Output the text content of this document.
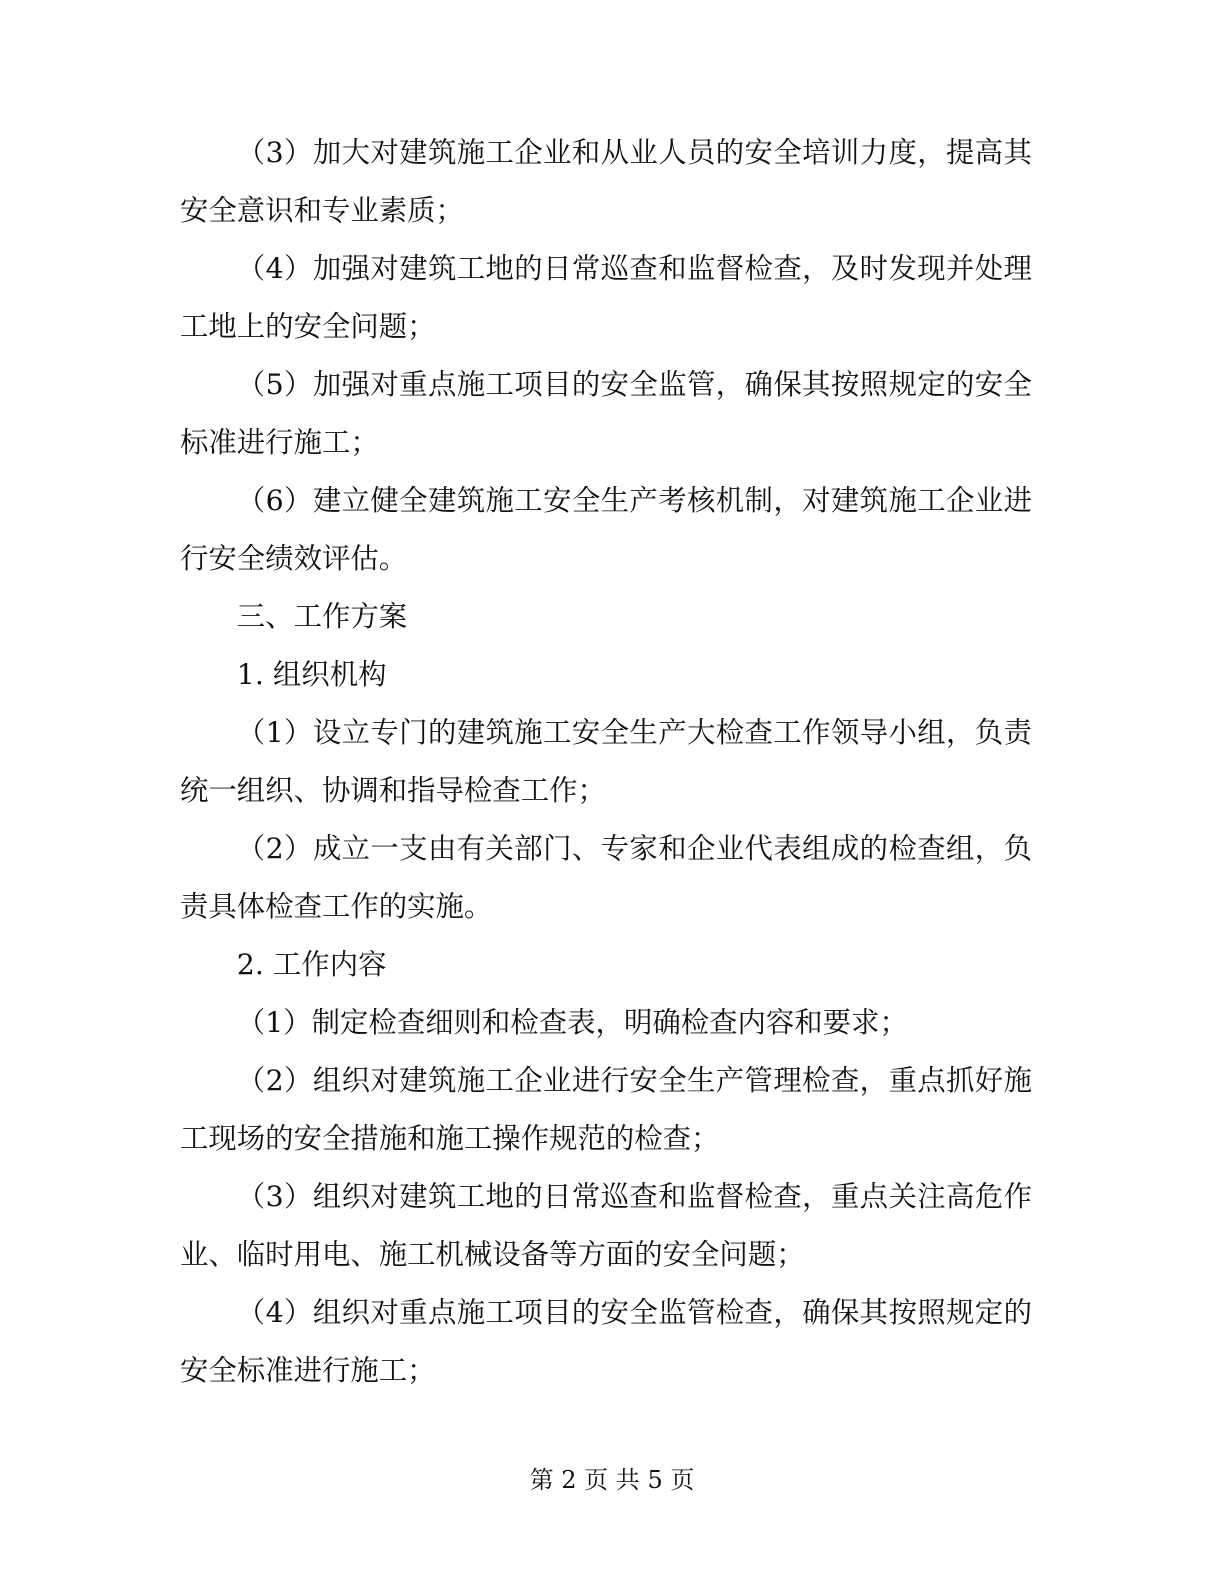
（3）加大对建筑施工企业和从业人员的安全培训力度，提高其安全意识和专业素质；

（4）加强对建筑工地的日常巡查和监督检查，及时发现并处理工地上的安全问题；

（5）加强对重点施工项目的安全监管，确保其按照规定的安全标准进行施工；

（6）建立健全建筑施工安全生产考核机制，对建筑施工企业进行安全绩效评估。

三、工作方案

1. 组织机构

（1）设立专门的建筑施工安全生产大检查工作领导小组，负责统一组织、协调和指导检查工作；

（2）成立一支由有关部门、专家和企业代表组成的检查组，负责具体检查工作的实施。

2. 工作内容

（1）制定检查细则和检查表，明确检查内容和要求；

（2）组织对建筑施工企业进行安全生产管理检查，重点抓好施工现场的安全措施和施工操作规范的检查；

（3）组织对建筑工地的日常巡查和监督检查，重点关注高危作业、临时用电、施工机械设备等方面的安全问题；

（4）组织对重点施工项目的安全监管检查，确保其按照规定的安全标准进行施工；

第 2 页 共 5 页
